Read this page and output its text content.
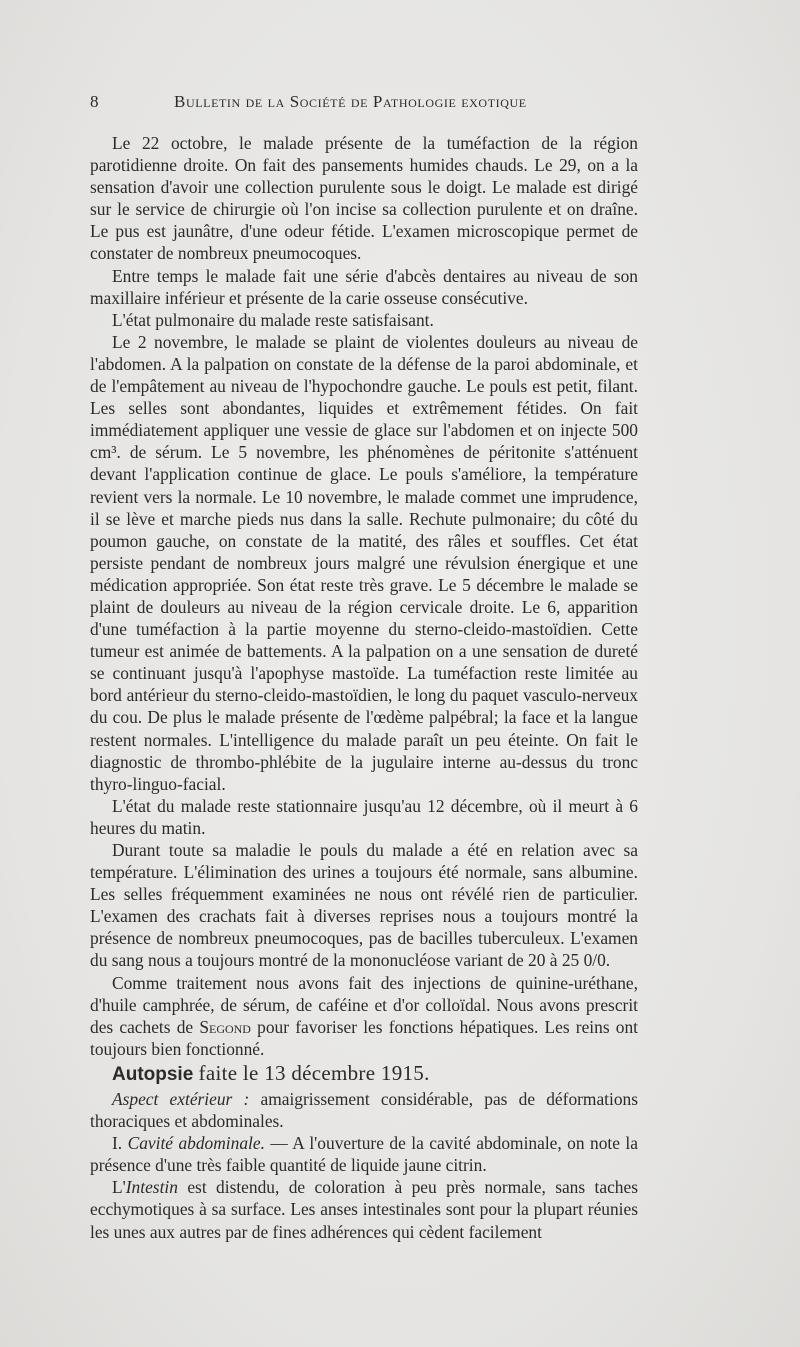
8	Bulletin de la Société de Pathologie exotique

Le 22 octobre, le malade présente de la tuméfaction de la région parotidienne droite. On fait des pansements humides chauds. Le 29, on a la sensation d'avoir une collection purulente sous le doigt. Le malade est dirigé sur le service de chirurgie où l'on incise sa collection purulente et on draîne. Le pus est jaunâtre, d'une odeur fétide. L'examen microscopique permet de constater de nombreux pneumocoques.

Entre temps le malade fait une série d'abcès dentaires au niveau de son maxillaire inférieur et présente de la carie osseuse consécutive.

L'état pulmonaire du malade reste satisfaisant.

Le 2 novembre, le malade se plaint de violentes douleurs au niveau de l'abdomen. A la palpation on constate de la défense de la paroi abdominale, et de l'empâtement au niveau de l'hypochondre gauche. Le pouls est petit, filant. Les selles sont abondantes, liquides et extrêmement fétides. On fait immédiatement appliquer une vessie de glace sur l'abdomen et on injecte 500 cm³. de sérum. Le 5 novembre, les phénomènes de péritonite s'atténuent devant l'application continue de glace. Le pouls s'améliore, la température revient vers la normale. Le 10 novembre, le malade commet une imprudence, il se lève et marche pieds nus dans la salle. Rechute pulmonaire; du côté du poumon gauche, on constate de la matité, des râles et souffles. Cet état persiste pendant de nombreux jours malgré une révulsion énergique et une médication appropriée. Son état reste très grave. Le 5 décembre le malade se plaint de douleurs au niveau de la région cervicale droite. Le 6, apparition d'une tuméfaction à la partie moyenne du sterno-cleido-mastoïdien. Cette tumeur est animée de battements. A la palpation on a une sensation de dureté se continuant jusqu'à l'apophyse mastoïde. La tuméfaction reste limitée au bord antérieur du sterno-cleido-mastoïdien, le long du paquet vasculo-nerveux du cou. De plus le malade présente de l'œdème palpébral; la face et la langue restent normales. L'intelligence du malade paraît un peu éteinte. On fait le diagnostic de thrombo-phlébite de la jugulaire interne au-dessus du tronc thyro-linguo-facial.

L'état du malade reste stationnaire jusqu'au 12 décembre, où il meurt à 6 heures du matin.

Durant toute sa maladie le pouls du malade a été en relation avec sa température. L'élimination des urines a toujours été normale, sans albumine. Les selles fréquemment examinées ne nous ont révélé rien de particulier. L'examen des crachats fait à diverses reprises nous a toujours montré la présence de nombreux pneumocoques, pas de bacilles tuberculeux. L'examen du sang nous a toujours montré de la mononucléose variant de 20 à 25 0/0.

Comme traitement nous avons fait des injections de quinine-uréthane, d'huile camphrée, de sérum, de caféine et d'or colloïdal. Nous avons prescrit des cachets de Segond pour favoriser les fonctions hépatiques. Les reins ont toujours bien fonctionné.

Autopsie faite le 13 décembre 1915.

Aspect extérieur : amaigrissement considérable, pas de déformations thoraciques et abdominales.

I. Cavité abdominale. — A l'ouverture de la cavité abdominale, on note la présence d'une très faible quantité de liquide jaune citrin.

L'Intestin est distendu, de coloration à peu près normale, sans taches ecchymotiques à sa surface. Les anses intestinales sont pour la plupart réunies les unes aux autres par de fines adhérences qui cèdent facilement
